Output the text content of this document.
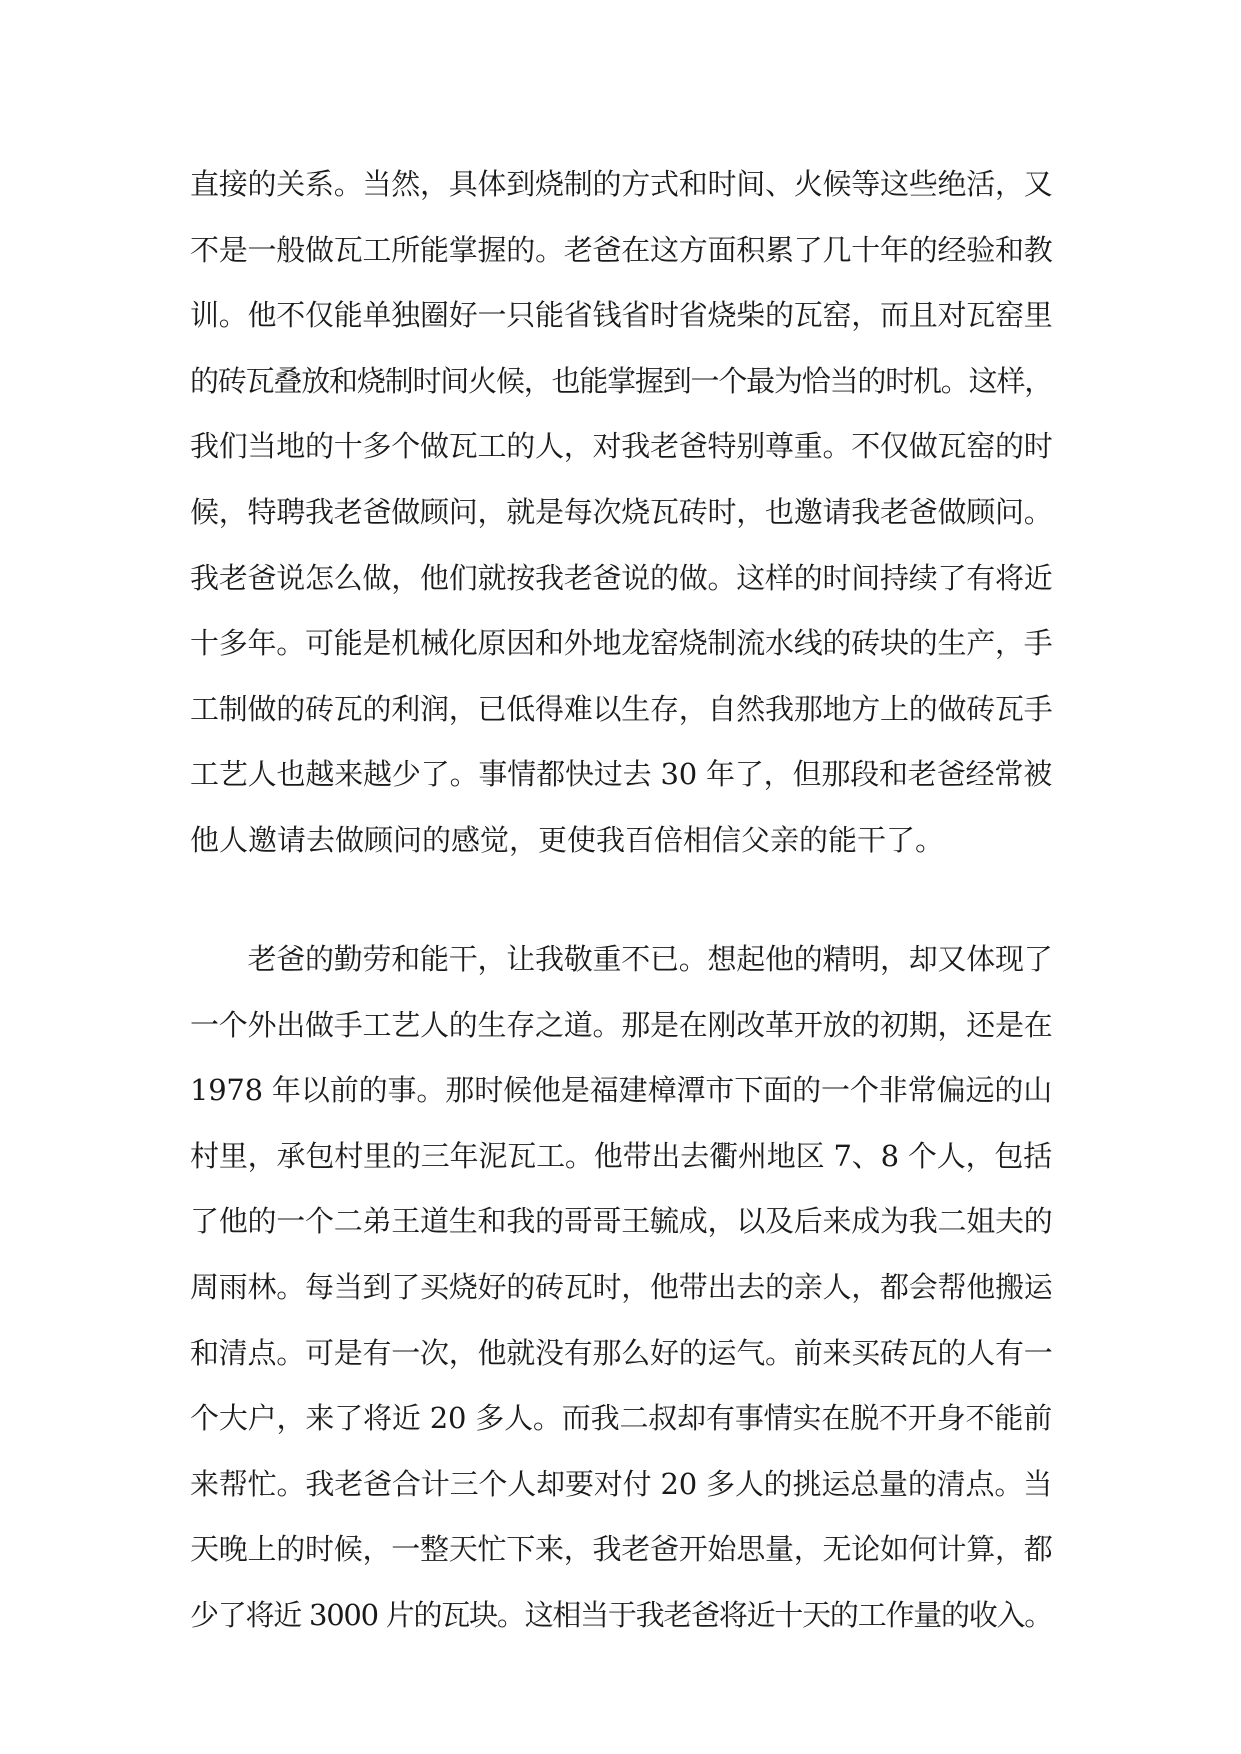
直接的关系。当然，具体到烧制的方式和时间、火候等这些绝活，又
不是一般做瓦工所能掌握的。老爸在这方面积累了几十年的经验和教
训。他不仅能单独圈好一只能省钱省时省烧柴的瓦窑，而且对瓦窑里
的砖瓦叠放和烧制时间火候，也能掌握到一个最为恰当的时机。这样，
我们当地的十多个做瓦工的人，对我老爸特别尊重。不仅做瓦窑的时
候，特聘我老爸做顾问，就是每次烧瓦砖时，也邀请我老爸做顾问。
我老爸说怎么做，他们就按我老爸说的做。这样的时间持续了有将近
十多年。可能是机械化原因和外地龙窑烧制流水线的砖块的生产，手
工制做的砖瓦的利润，已低得难以生存，自然我那地方上的做砖瓦手
工艺人也越来越少了。事情都快过去 30 年了，但那段和老爸经常被
他人邀请去做顾问的感觉，更使我百倍相信父亲的能干了。
　　老爸的勤劳和能干，让我敬重不已。想起他的精明，却又体现了
一个外出做手工艺人的生存之道。那是在刚改革开放的初期，还是在
1978 年以前的事。那时候他是福建樟潭市下面的一个非常偏远的山
村里，承包村里的三年泥瓦工。他带出去衢州地区 7、8 个人，包括
了他的一个二弟王道生和我的哥哥王毓成，以及后来成为我二姐夫的
周雨林。每当到了买烧好的砖瓦时，他带出去的亲人，都会帮他搬运
和清点。可是有一次，他就没有那么好的运气。前来买砖瓦的人有一
个大户，来了将近 20 多人。而我二叔却有事情实在脱不开身不能前
来帮忙。我老爸合计三个人却要对付 20 多人的挑运总量的清点。当
天晚上的时候，一整天忙下来，我老爸开始思量，无论如何计算，都
少了将近 3000 片的瓦块。这相当于我老爸将近十天的工作量的收入。
